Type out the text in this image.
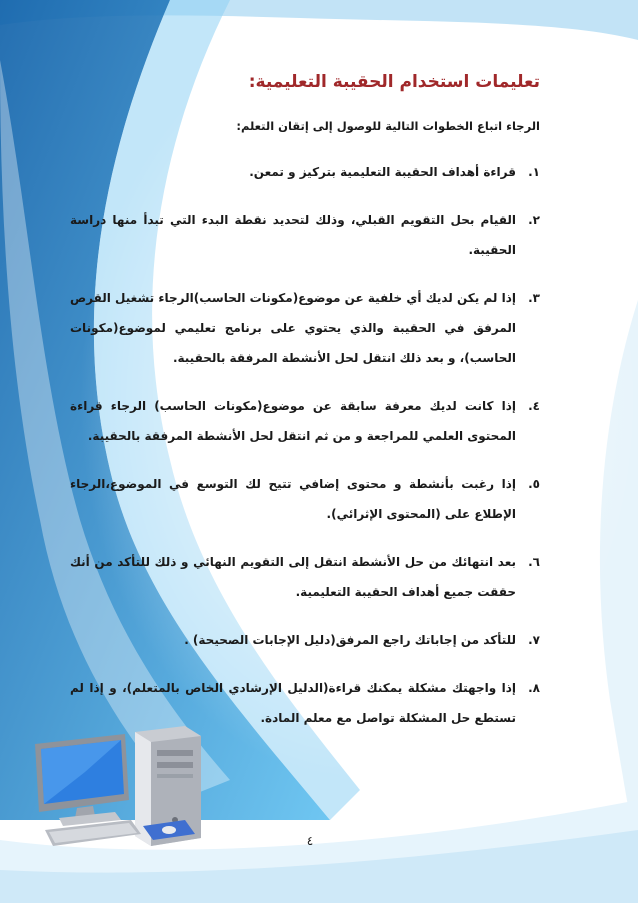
تعليمات استخدام الحقيبة التعليمية:

الرجاء اتباع الخطوات التالية للوصول إلى إتقان التعلم:

١.
قراءة أهداف الحقيبة التعليمية بتركيز و تمعن.
٢.
القيام بحل التقويم القبلي، وذلك لتحديد نقطة البدء التي تبدأ منها دراسة الحقيبة.
٣.
إذا لم يكن لديك أي خلفية عن موضوع(مكونات الحاسب)الرجاء تشغيل القرص المرفق في الحقيبة والذي يحتوي على برنامج تعليمي لموضوع(مكونات الحاسب)، و بعد ذلك انتقل لحل الأنشطة المرفقة بالحقيبة.
٤.
إذا كانت لديك معرفة سابقة عن موضوع(مكونات الحاسب) الرجاء قراءة المحتوى العلمي للمراجعة و من ثم انتقل لحل الأنشطة المرفقة بالحقيبة.
٥.
إذا رغبت بأنشطة و محتوى إضافي تتيح لك التوسع في الموضوع،الرجاء الإطلاع على (المحتوى الإثرائي).
٦.
بعد انتهائك من حل الأنشطة انتقل إلى التقويم النهائي و ذلك للتأكد من أنك حققت جميع أهداف الحقيبة التعليمية.
٧.
للتأكد من إجاباتك راجع المرفق(دليل الإجابات الصحيحة) .
٨.
إذا واجهتك مشكلة يمكنك قراءة(الدليل الإرشادي الخاص بالمتعلم)، و إذا لم تستطع حل المشكلة تواصل مع معلم المادة.
٤
